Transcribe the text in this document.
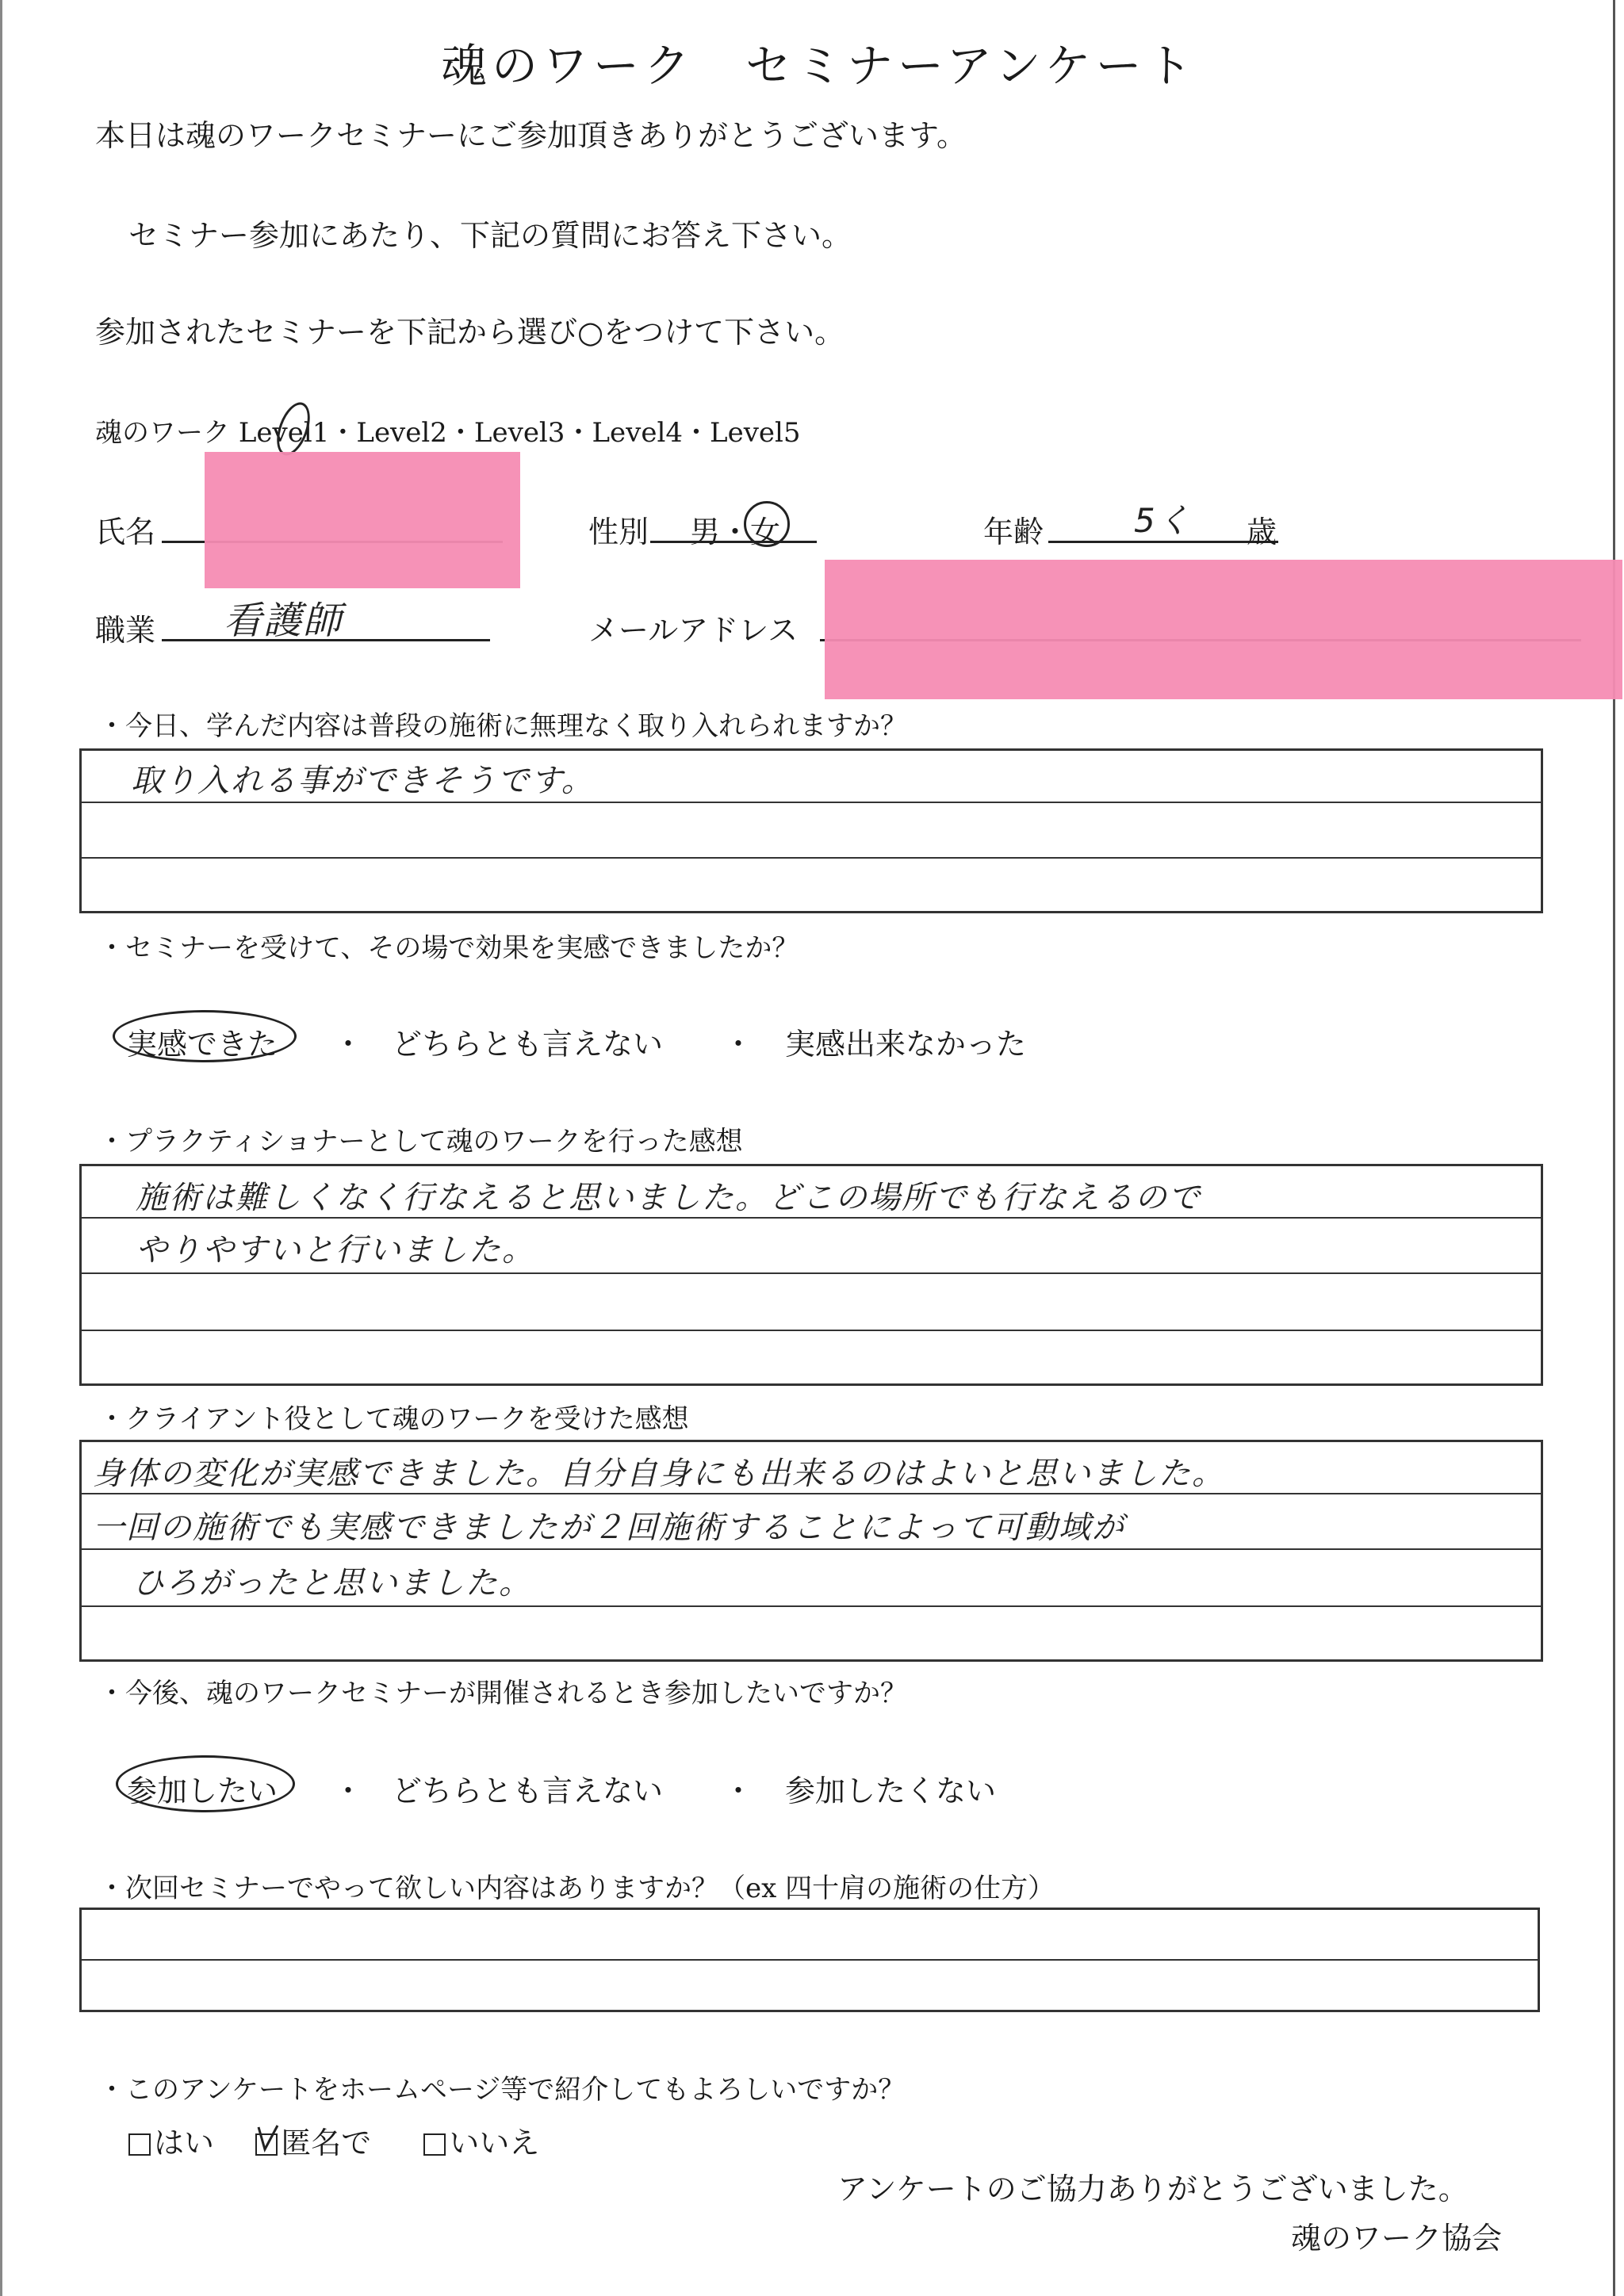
魂のワーク　セミナーアンケート
本日は魂のワークセミナーにご参加頂きありがとうございます。
セミナー参加にあたり、下記の質問にお答え下さい。
参加されたセミナーを下記から選び○をつけて下さい。
魂のワーク Level1・Level2・Level3・Level4・Level5
氏名	性別 男・女	年齢	5く 歳
職業 看護師	メールアドレス
・今日、学んだ内容は普段の施術に無理なく取り入れられますか？
取り入れる事ができそうです。
・セミナーを受けて、その場で効果を実感できましたか？
実感できた ・ どちらとも言えない ・ 実感出来なかった
・プラクティショナーとして魂のワークを行った感想
施術は難しくなく行なえると思いました。どこの場所でも行なえるので
やりやすいと行いました。
・クライアント役として魂のワークを受けた感想
身体の変化が実感できました。自分自身にも出来るのはよいと思いました。
一回の施術でも実感できましたが２回施術することによって可動域が
ひろがったと思いました。
・今後、魂のワークセミナーが開催されるとき参加したいですか？
参加したい ・ どちらとも言えない ・ 参加したくない
・次回セミナーでやって欲しい内容はありますか？（ex 四十肩の施術の仕方）
・このアンケートをホームページ等で紹介してもよろしいですか？
はい 匿名で	いいえ
アンケートのご協力ありがとうございました。
魂のワーク協会
